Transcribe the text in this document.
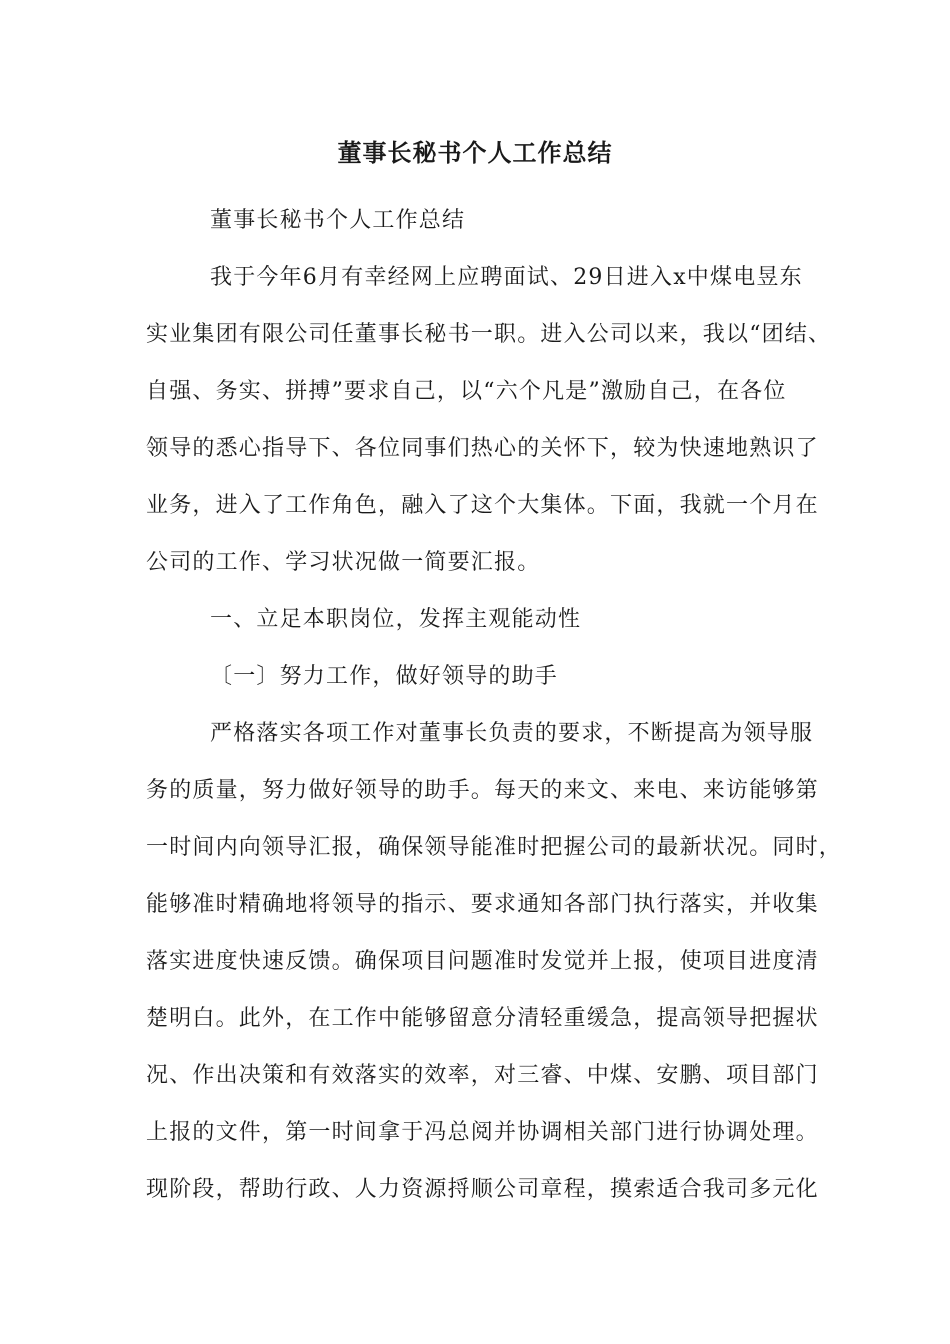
董事长秘书个人工作总结

董事长秘书个人工作总结

我于今年6月有幸经网上应聘面试、29日进入x中煤电昱东

实业集团有限公司任董事长秘书一职。进入公司以来，我以“团结、

自强、务实、拼搏”要求自己，以“六个凡是”激励自己，在各位

领导的悉心指导下、各位同事们热心的关怀下，较为快速地熟识了

业务，进入了工作角色，融入了这个大集体。下面，我就一个月在

公司的工作、学习状况做一简要汇报。

一、立足本职岗位，发挥主观能动性

〔一〕努力工作，做好领导的助手

严格落实各项工作对董事长负责的要求，不断提高为领导服

务的质量，努力做好领导的助手。每天的来文、来电、来访能够第

一时间内向领导汇报，确保领导能准时把握公司的最新状况。同时，

能够准时精确地将领导的指示、要求通知各部门执行落实，并收集

落实进度快速反馈。确保项目问题准时发觉并上报，使项目进度清

楚明白。此外，在工作中能够留意分清轻重缓急，提高领导把握状

况、作出决策和有效落实的效率，对三睿、中煤、安鹏、项目部门

上报的文件，第一时间拿于冯总阅并协调相关部门进行协调处理。

现阶段，帮助行政、人力资源捋顺公司章程，摸索适合我司多元化
